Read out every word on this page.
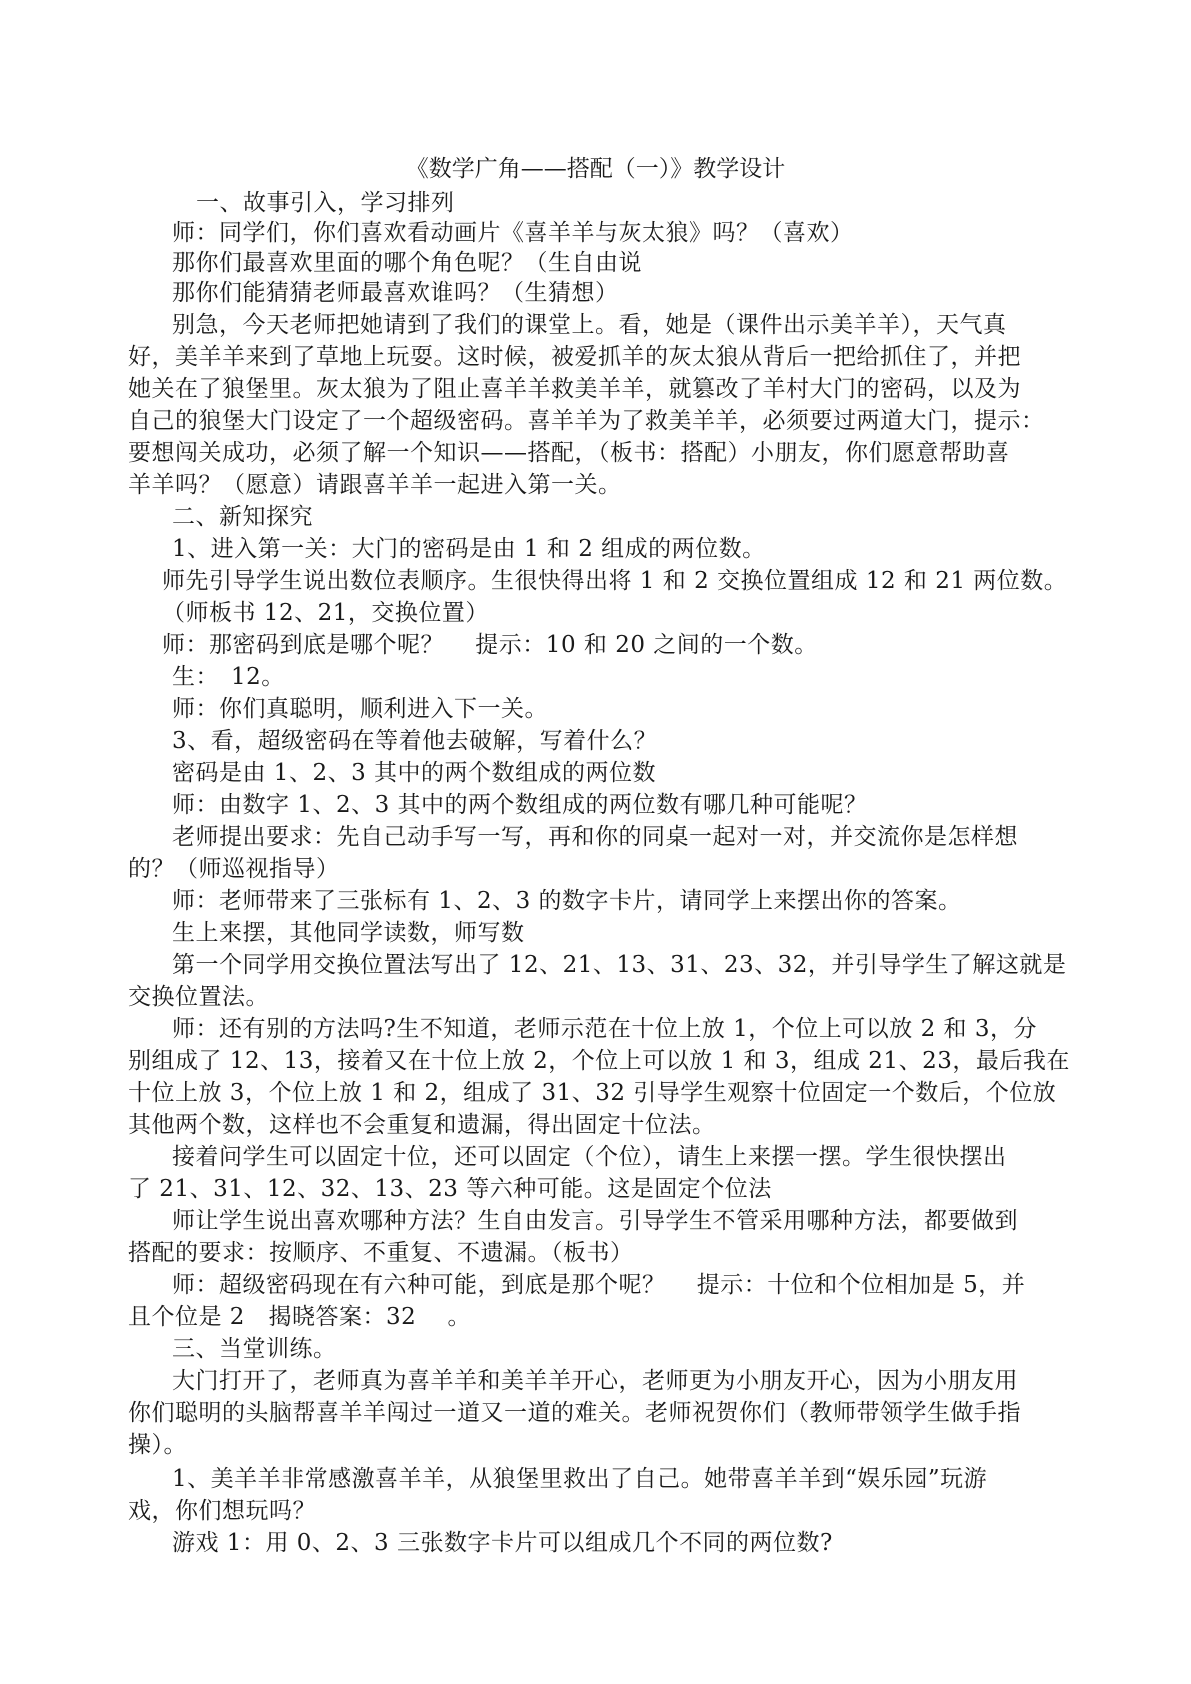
《数学广角——搭配（一）》教学设计
一、故事引入，学习排列
师：同学们，你们喜欢看动画片《喜羊羊与灰太狼》吗？（喜欢）
那你们最喜欢里面的哪个角色呢？（生自由说
那你们能猜猜老师最喜欢谁吗？（生猜想）
别急，今天老师把她请到了我们的课堂上。看，她是（课件出示美羊羊），天气真
好，美羊羊来到了草地上玩耍。这时候，被爱抓羊的灰太狼从背后一把给抓住了，并把
她关在了狼堡里。灰太狼为了阻止喜羊羊救美羊羊，就篡改了羊村大门的密码，以及为
自己的狼堡大门设定了一个超级密码。喜羊羊为了救美羊羊，必须要过两道大门，提示：
要想闯关成功，必须了解一个知识——搭配，（板书：搭配）小朋友，你们愿意帮助喜
羊羊吗？（愿意）请跟喜羊羊一起进入第一关。
二、新知探究
1、进入第一关：大门的密码是由 1 和 2 组成的两位数。
师先引导学生说出数位表顺序。生很快得出将 1 和 2 交换位置组成 12 和 21 两位数。
（师板书 12、21，交换位置）
师：那密码到底是哪个呢？　 提示：10 和 20 之间的一个数。
生：　12。
师：你们真聪明，顺利进入下一关。
3、看，超级密码在等着他去破解，写着什么？
密码是由 1、2、3 其中的两个数组成的两位数
师：由数字 1、2、3 其中的两个数组成的两位数有哪几种可能呢？
老师提出要求：先自己动手写一写，再和你的同桌一起对一对，并交流你是怎样想
的？（师巡视指导）
师：老师带来了三张标有 1、2、3 的数字卡片，请同学上来摆出你的答案。
生上来摆，其他同学读数，师写数
第一个同学用交换位置法写出了 12、21、13、31、23、32，并引导学生了解这就是
交换位置法。
师：还有别的方法吗?生不知道，老师示范在十位上放 1，个位上可以放 2 和 3，分
别组成了 12、13，接着又在十位上放 2，个位上可以放 1 和 3，组成 21、23，最后我在
十位上放 3，个位上放 1 和 2，组成了 31、32 引导学生观察十位固定一个数后，个位放
其他两个数，这样也不会重复和遗漏，得出固定十位法。
接着问学生可以固定十位，还可以固定（个位），请生上来摆一摆。学生很快摆出
了 21、31、12、32、13、23 等六种可能。这是固定个位法
师让学生说出喜欢哪种方法？生自由发言。引导学生不管采用哪种方法，都要做到
搭配的要求：按顺序、不重复、不遗漏。（板书）
师：超级密码现在有六种可能，到底是那个呢？　 提示：十位和个位相加是 5，并
且个位是 2　揭晓答案：32　 。
三、当堂训练。
大门打开了，老师真为喜羊羊和美羊羊开心，老师更为小朋友开心，因为小朋友用
你们聪明的头脑帮喜羊羊闯过一道又一道的难关。老师祝贺你们（教师带领学生做手指
操）。
1、美羊羊非常感激喜羊羊，从狼堡里救出了自己。她带喜羊羊到“娱乐园”玩游
戏，你们想玩吗？
游戏 1：用 0、2、3 三张数字卡片可以组成几个不同的两位数?
